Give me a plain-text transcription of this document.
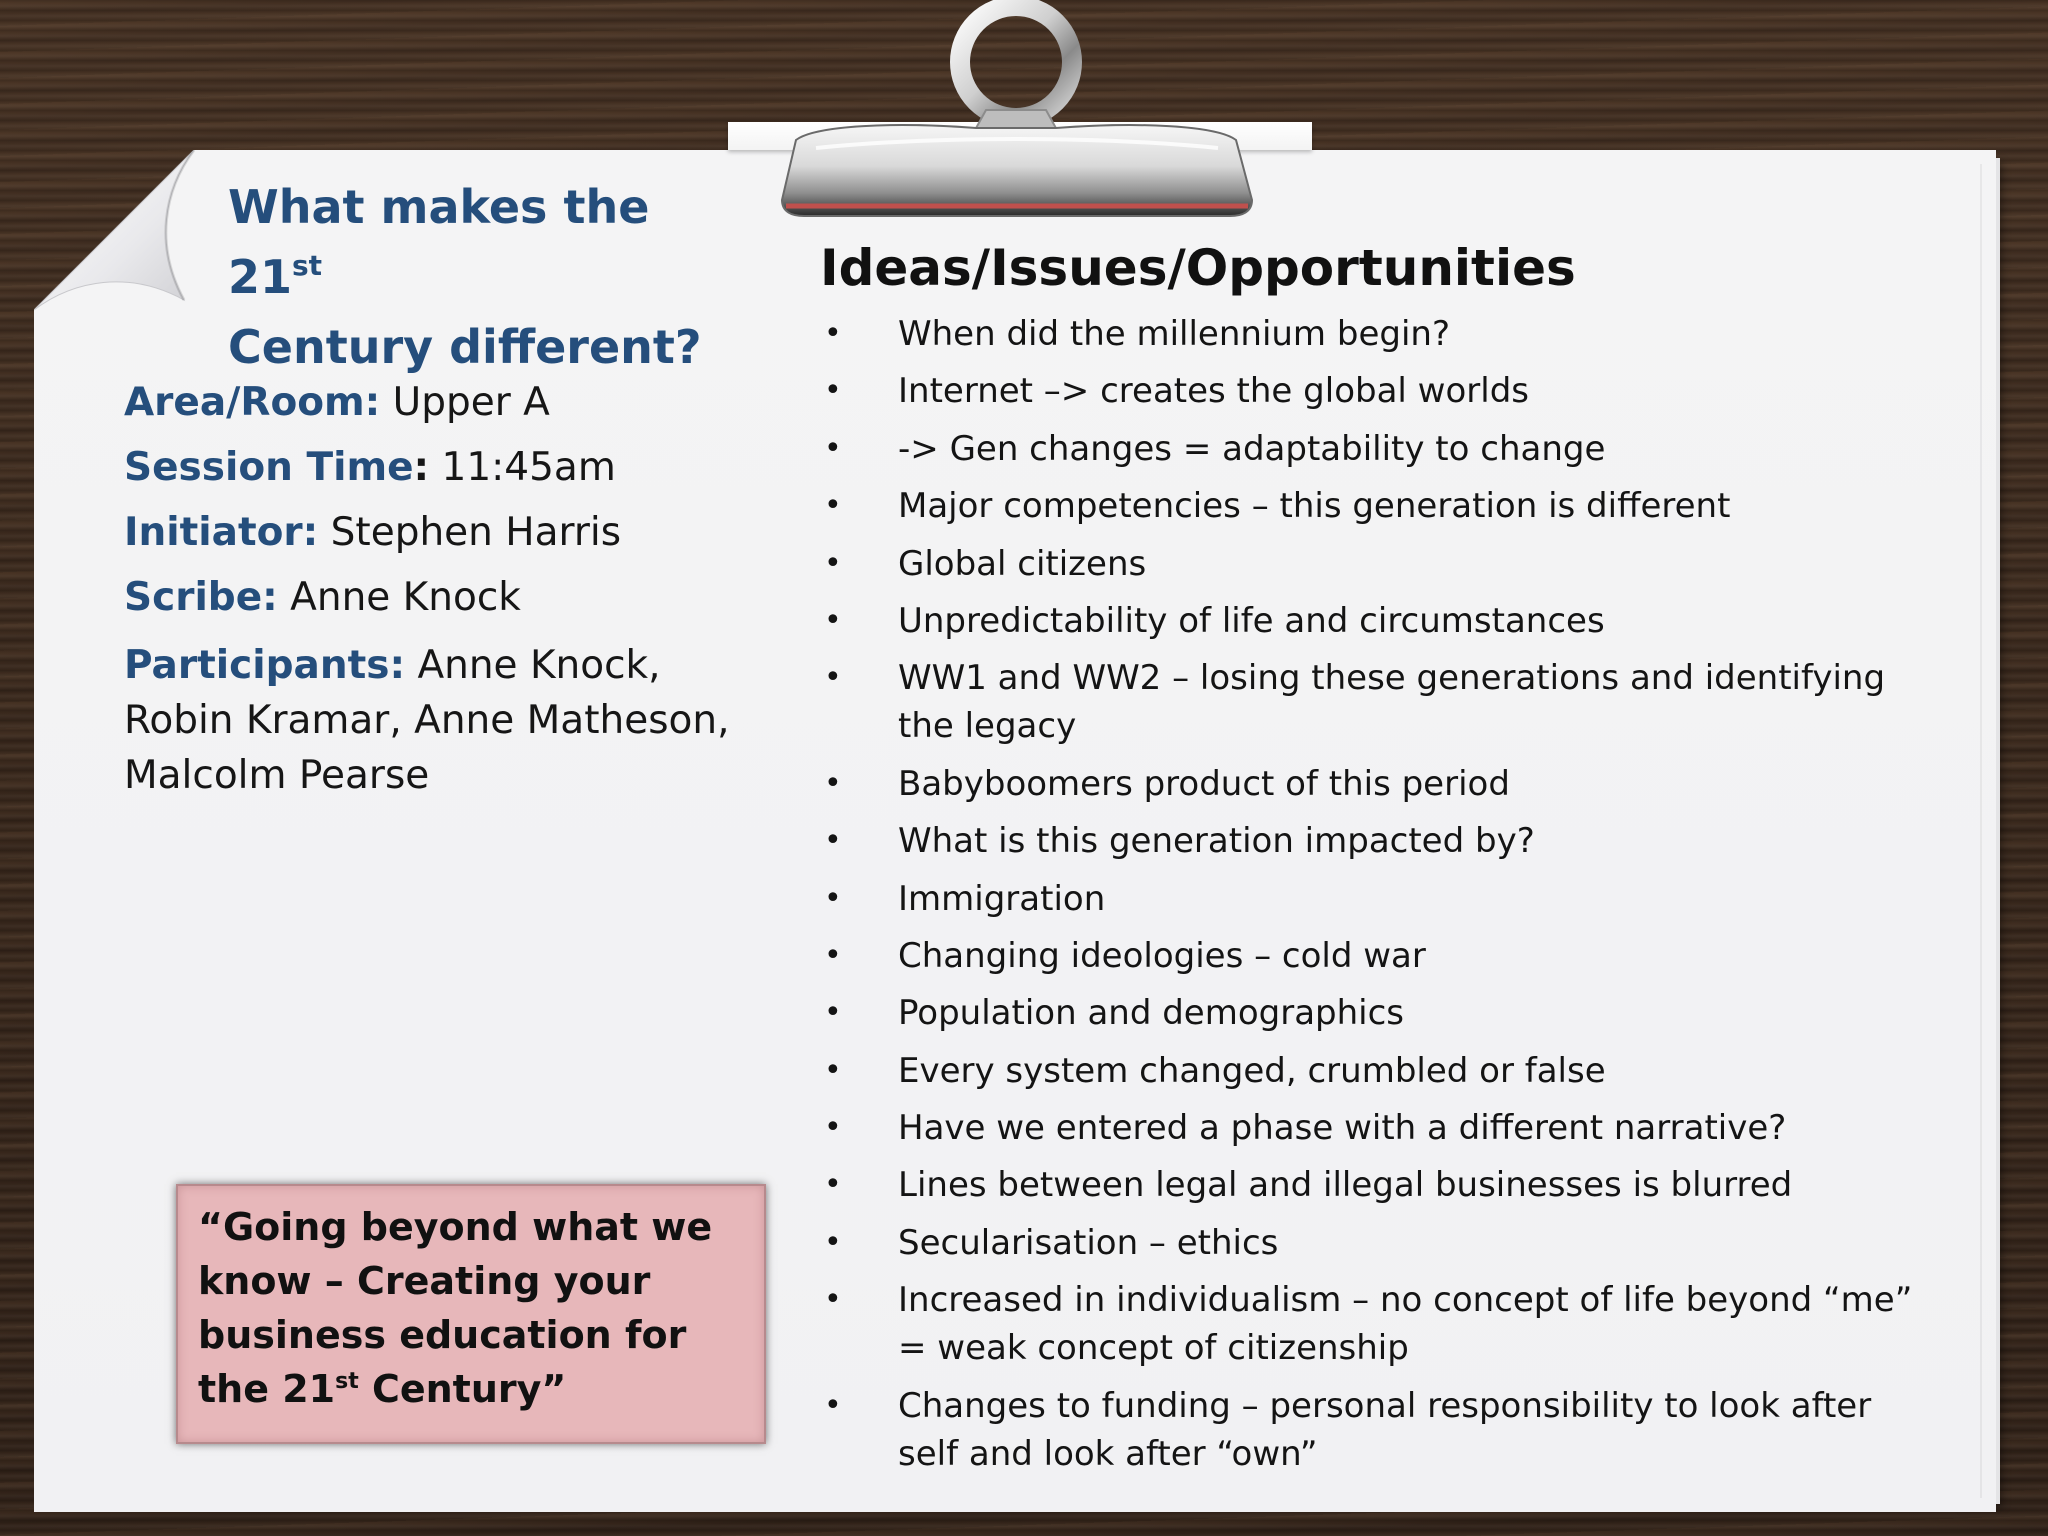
What makes the 21st
Century different?
Area/Room: Upper A
Session Time: 11:45am
Initiator: Stephen Harris
Scribe: Anne Knock
Participants: Anne Knock, Robin Kramar, Anne Matheson, Malcolm Pearse

“Going beyond what we know – Creating your business education for the 21st Century”

Ideas/Issues/Opportunities
• When did the millennium begin?
• Internet –> creates the global worlds
• -> Gen changes = adaptability to change
• Major competencies – this generation is different
• Global citizens
• Unpredictability of life and circumstances
• WW1 and WW2 – losing these generations and identifying the legacy
• Babyboomers product of this period
• What is this generation impacted by?
• Immigration
• Changing ideologies – cold war
• Population and demographics
• Every system changed, crumbled or false
• Have we entered a phase with a different narrative?
• Lines between legal and illegal businesses is blurred
• Secularisation – ethics
• Increased in individualism – no concept of life beyond “me” = weak concept of citizenship
• Changes to funding – personal responsibility to look after self and look after “own”
